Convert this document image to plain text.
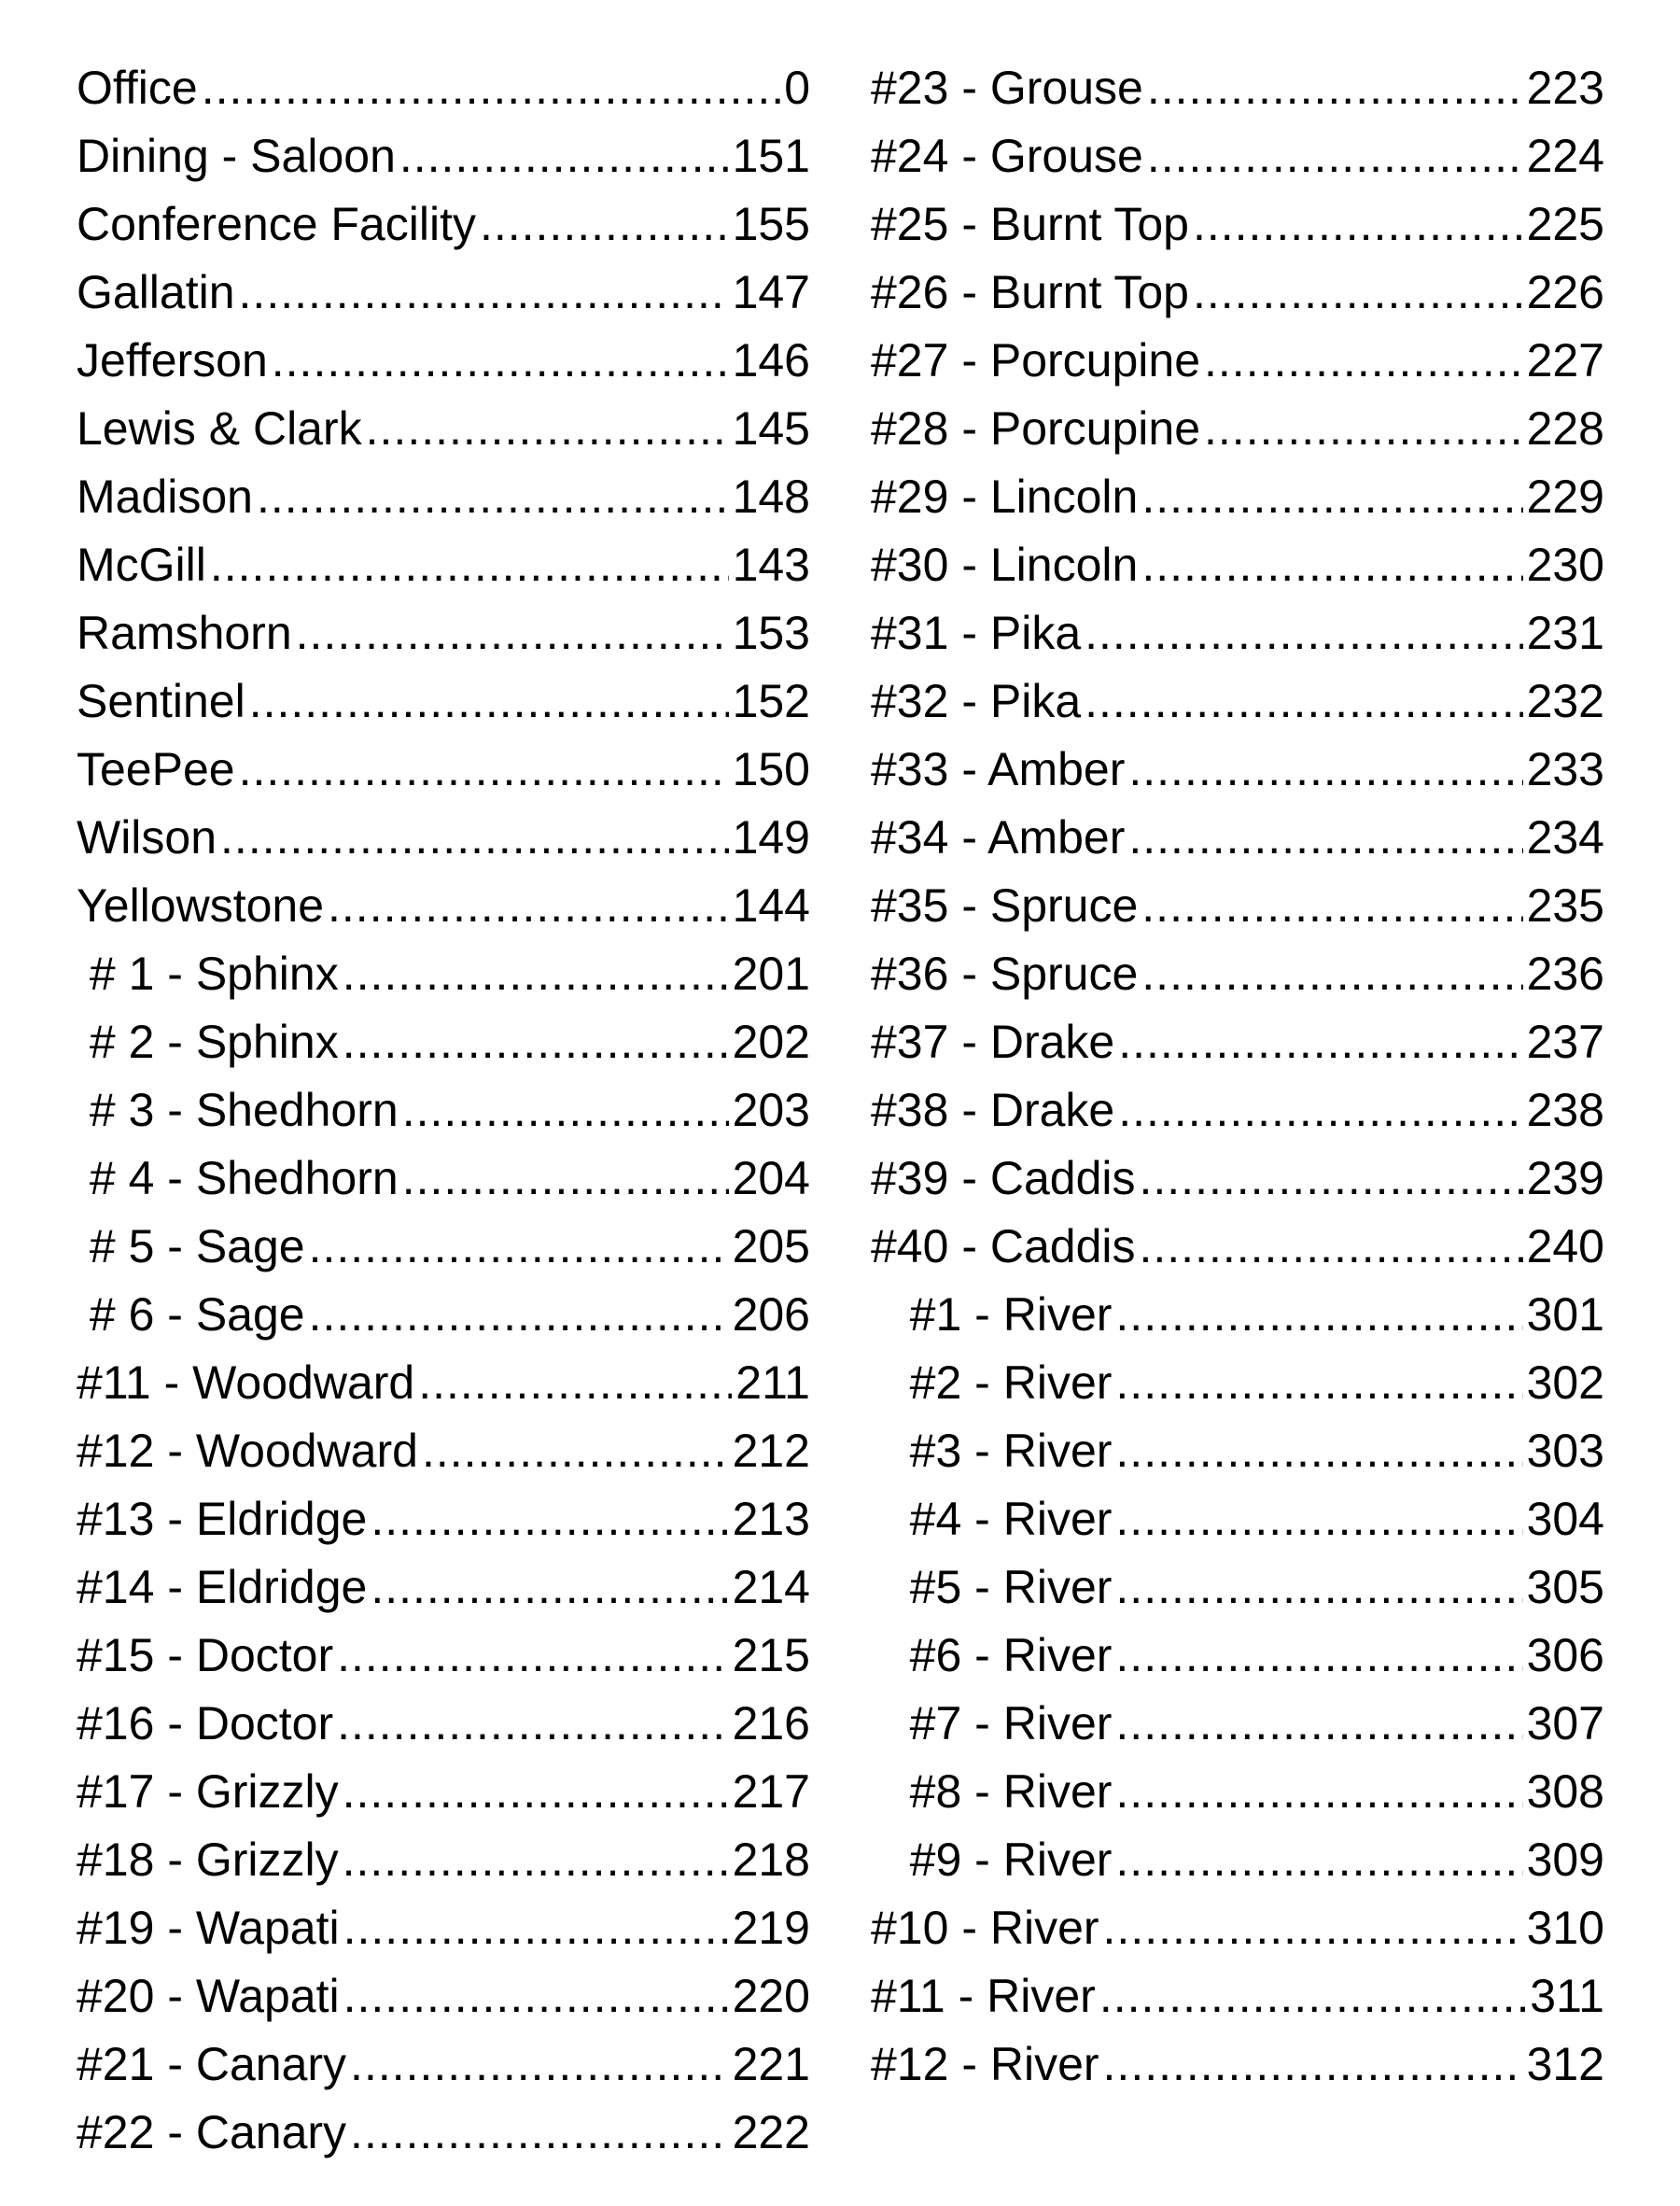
Office .....	0
Dining - Saloon .....	151
Conference Facility .....	155
Gallatin .....	147
Jefferson .....	146
Lewis & Clark .....	145
Madison .....	148
McGill .....	143
Ramshorn .....	153
Sentinel .....	152
TeePee .....	150
Wilson .....	149
Yellowstone .....	144
# 1 - Sphinx .....	201
# 2 - Sphinx .....	202
# 3 - Shedhorn .....	203
# 4 - Shedhorn .....	204
# 5 - Sage .....	205
# 6 - Sage .....	206
#11 - Woodward .....	211
#12 - Woodward .....	212
#13 - Eldridge .....	213
#14 - Eldridge .....	214
#15 - Doctor .....	215
#16 - Doctor .....	216
#17 - Grizzly .....	217
#18 - Grizzly .....	218
#19 - Wapati .....	219
#20 - Wapati .....	220
#21 - Canary .....	221
#22 - Canary .....	222
#23 - Grouse .....	223
#24 - Grouse .....	224
#25 - Burnt Top .....	225
#26 - Burnt Top .....	226
#27 - Porcupine .....	227
#28 - Porcupine .....	228
#29 - Lincoln .....	229
#30 - Lincoln .....	230
#31 - Pika .....	231
#32 - Pika .....	232
#33 - Amber .....	233
#34 - Amber .....	234
#35 - Spruce .....	235
#36 - Spruce .....	236
#37 - Drake .....	237
#38 - Drake .....	238
#39 - Caddis .....	239
#40 - Caddis .....	240
#1 - River .....	301
#2 - River .....	302
#3 - River .....	303
#4 - River .....	304
#5 - River .....	305
#6 - River .....	306
#7 - River .....	307
#8 - River .....	308
#9 - River .....	309
#10 - River .....	310
#11 - River .....	311
#12 - River .....	312
